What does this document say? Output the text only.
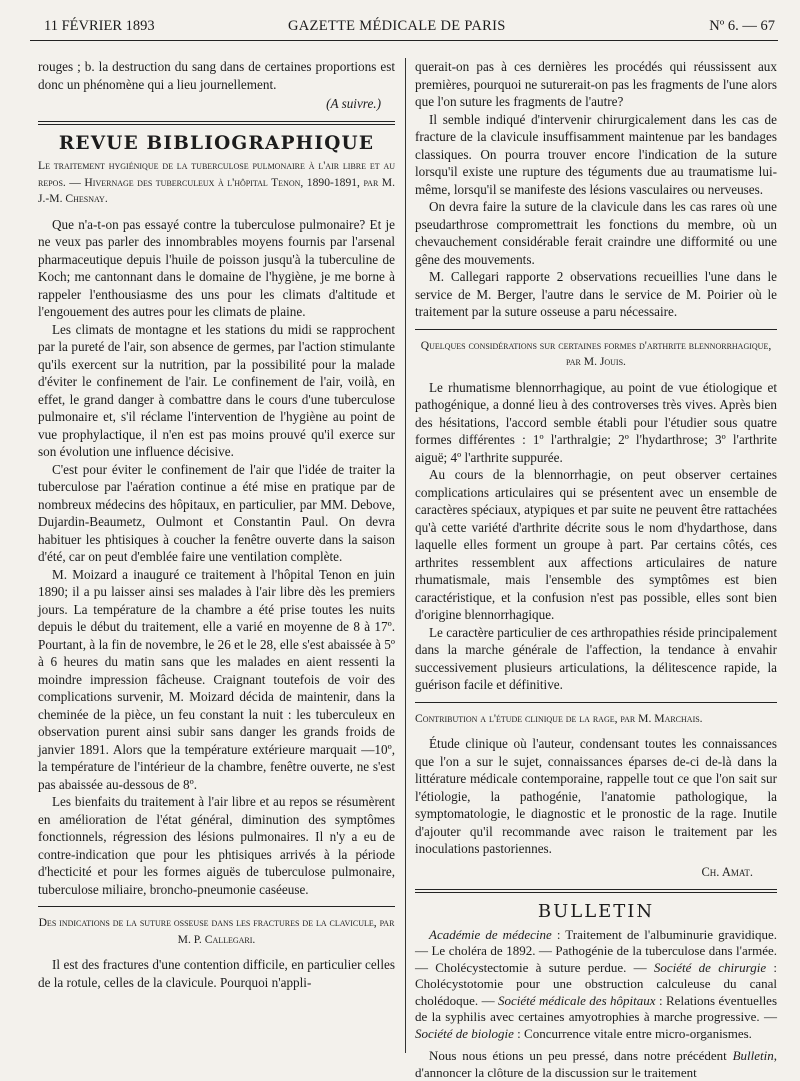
11 FÉVRIER 1893	GAZETTE MÉDICALE DE PARIS	Nº 6. — 67

rouges ; b. la destruction du sang dans de certaines proportions est donc un phénomène qui a lieu journellement.

(A suivre.)
REVUE BIBLIOGRAPHIQUE
Le traitement hygiénique de la tuberculose pulmonaire à l'air libre et au repos. — Hivernage des tuberculeux à l'hôpital Tenon, 1890-1891, par M. J.-M. Chesnay.

Que n'a-t-on pas essayé contre la tuberculose pulmonaire? Et je ne veux pas parler des innombrables moyens fournis par l'arsenal pharmaceutique depuis l'huile de poisson jusqu'à la tuberculine de Koch; me cantonnant dans le domaine de l'hygiène, je me borne à rappeler l'enthousiasme des uns pour les climats d'altitude et l'engouement des autres pour les climats de plaine.

Les climats de montagne et les stations du midi se rapprochent par la pureté de l'air, son absence de germes, par l'action stimulante qu'ils exercent sur la nutrition, par la possibilité pour la malade d'éviter le confinement de l'air. Le confinement de l'air, voilà, en effet, le grand danger à combattre dans le cours d'une tuberculose pulmonaire et, s'il réclame l'intervention de l'hygiène au point de vue prophylactique, il n'en est pas moins prouvé qu'il exerce sur son évolution une influence décisive.

C'est pour éviter le confinement de l'air que l'idée de traiter la tuberculose par l'aération continue a été mise en pratique par de nombreux médecins des hôpitaux, en particulier, par MM. Debove, Dujardin-Beaumetz, Oulmont et Constantin Paul. On devra habituer les phtisiques à coucher la fenêtre ouverte dans la saison d'été, car on peut d'emblée faire une ventilation complète.

M. Moizard a inauguré ce traitement à l'hôpital Tenon en juin 1890; il a pu laisser ainsi ses malades à l'air libre dès les premiers jours. La température de la chambre a été prise toutes les nuits depuis le début du traitement, elle a varié en moyenne de 8 à 17º. Pourtant, à la fin de novembre, le 26 et le 28, elle s'est abaissée à 5º à 6 heures du matin sans que les malades en aient ressenti la moindre impression fâcheuse. Craignant toutefois de voir des complications survenir, M. Moizard décida de maintenir, dans la cheminée de la pièce, un feu constant la nuit : les tuberculeux en observation purent ainsi subir sans danger les grands froids de janvier 1891. Alors que la température extérieure marquait —10º, la température de l'intérieur de la chambre, fenêtre ouverte, ne s'est pas abaissée au-dessous de 8º.

Les bienfaits du traitement à l'air libre et au repos se résumèrent en amélioration de l'état général, diminution des symptômes fonctionnels, régression des lésions pulmonaires. Il n'y a eu de contre-indication que pour les phtisiques arrivés à la période d'hecticité et pour les formes aiguës de tuberculose pulmonaire, tuberculose miliaire, broncho-pneumonie caséeuse.

Des indications de la suture osseuse dans les fractures de la clavicule, par M. P. Callegari.

Il est des fractures d'une contention difficile, en particulier celles de la rotule, celles de la clavicule. Pourquoi n'appli-

querait-on pas à ces dernières les procédés qui réussissent aux premières, pourquoi ne suturerait-on pas les fragments de l'une alors que l'on suture les fragments de l'autre?

Il semble indiqué d'intervenir chirurgicalement dans les cas de fracture de la clavicule insuffisamment maintenue par les bandages classiques. On pourra trouver encore l'indication de la suture lorsqu'il existe une rupture des téguments due au traumatisme lui-même, lorsqu'il se manifeste des lésions vasculaires ou nerveuses.

On devra faire la suture de la clavicule dans les cas rares où une pseudarthrose compromettrait les fonctions du membre, où un chevauchement considérable ferait craindre une difformité ou une gêne des mouvements.

M. Callegari rapporte 2 observations recueillies l'une dans le service de M. Berger, l'autre dans le service de M. Poirier où le traitement par la suture osseuse a paru nécessaire.

Quelques considérations sur certaines formes d'arthrite blennorrhagique, par M. Jouis.

Le rhumatisme blennorrhagique, au point de vue étiologique et pathogénique, a donné lieu à des controverses très vives. Après bien des hésitations, l'accord semble établi pour l'étudier sous quatre formes différentes : 1º l'arthralgie; 2º l'hydarthrose; 3º l'arthrite aiguë; 4º l'arthrite suppurée.

Au cours de la blennorrhagie, on peut observer certaines complications articulaires qui se présentent avec un ensemble de caractères spéciaux, atypiques et par suite ne peuvent être rattachées qu'à cette variété d'arthrite décrite sous le nom d'hydarthose, dans laquelle elles forment un groupe à part. Par certains côtés, ces arthrites ressemblent aux affections articulaires de nature rhumatismale, mais l'ensemble des symptômes est bien caractéristique, et la confusion n'est pas possible, elles sont bien d'origine blennorrhagique.

Le caractère particulier de ces arthropathies réside principalement dans la marche générale de l'affection, la tendance à envahir successivement plusieurs articulations, la délitescence rapide, la guérison facile et définitive.

Contribution a l'étude clinique de la rage, par M. Marchais.

Étude clinique où l'auteur, condensant toutes les connaissances que l'on a sur le sujet, connaissances éparses de-ci de-là dans la littérature médicale contemporaine, rappelle tout ce que l'on sait sur l'étiologie, la pathogénie, l'anatomie pathologique, la symptomatologie, le diagnostic et le pronostic de la rage. Inutile d'ajouter qu'il recommande avec raison le traitement par les inoculations pastoriennes.

Ch. Amat.
BULLETIN

Académie de médecine : Traitement de l'albuminurie gravidique. — Le choléra de 1892. — Pathogénie de la tuberculose dans l'armée. — Cholécystectomie à suture perdue. — Société de chirurgie : Cholécystotomie pour une obstruction calculeuse du canal cholédoque. — Société médicale des hôpitaux : Relations éventuelles de la syphilis avec certaines amyotrophies à marche progressive. — Société de biologie : Concurrence vitale entre micro-organismes.

Nous nous étions un peu pressé, dans notre précédent Bulletin, d'annoncer la clôture de la discussion sur le traitement
